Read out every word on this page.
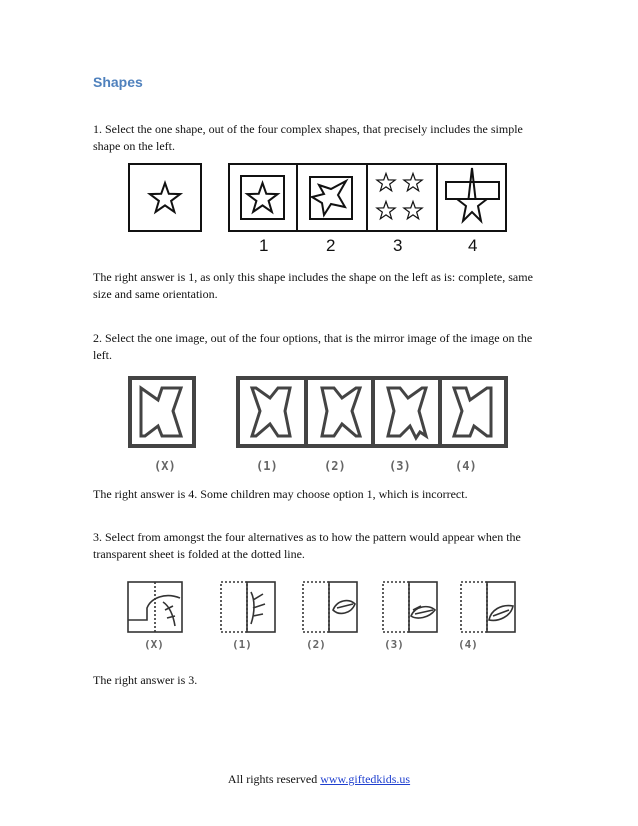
Shapes
1. Select the one shape, out of the four complex shapes, that precisely includes the simple shape on the left.
1	2	3	4
The right answer is 1, as only this shape includes the shape on the left as is: complete, same size and same orientation.
2. Select the one image, out of the four options, that is the mirror image of the image on the left.
(X)	(1)	(2)	(3)	(4)
The right answer is 4. Some children may choose option 1, which is incorrect.
3. Select from amongst the four alternatives as to how the pattern would appear when the transparent sheet is folded at the dotted line.
(X)	(1)	(2)	(3)	(4)
The right answer is 3.
All rights reserved www.giftedkids.us
